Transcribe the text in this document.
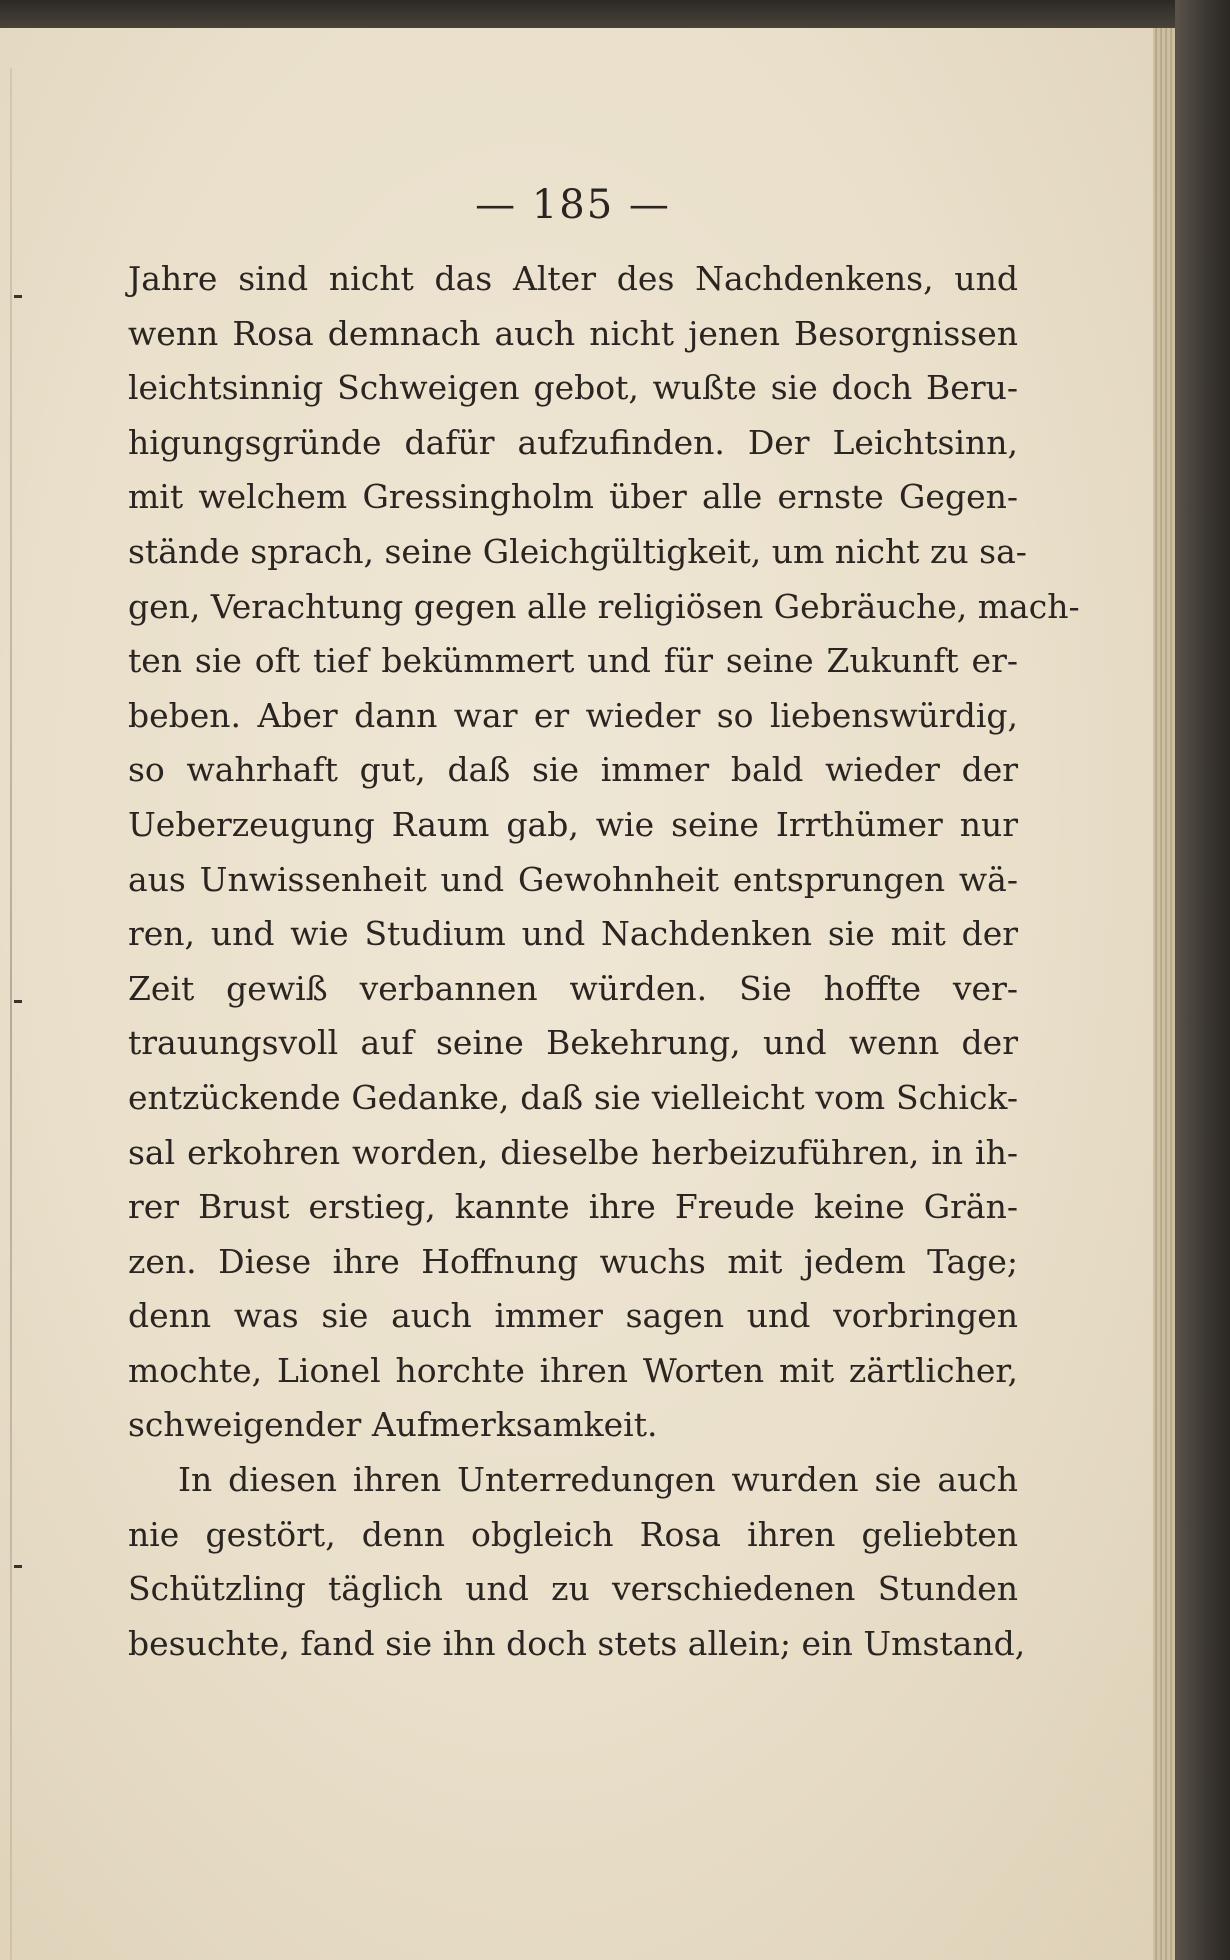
— 185 —

Jahre sind nicht das Alter des Nachdenkens, und
wenn Rosa demnach auch nicht jenen Besorgnissen
leichtsinnig Schweigen gebot, wußte sie doch Beru-
higungsgründe dafür aufzufinden. Der Leichtsinn,
mit welchem Gressingholm über alle ernste Gegen-
stände sprach, seine Gleichgültigkeit, um nicht zu sa-
gen, Verachtung gegen alle religiösen Gebräuche, mach-
ten sie oft tief bekümmert und für seine Zukunft er-
beben. Aber dann war er wieder so liebenswürdig,
so wahrhaft gut, daß sie immer bald wieder der
Ueberzeugung Raum gab, wie seine Irrthümer nur
aus Unwissenheit und Gewohnheit entsprungen wä-
ren, und wie Studium und Nachdenken sie mit der
Zeit gewiß verbannen würden. Sie hoffte ver-
trauungsvoll auf seine Bekehrung, und wenn der
entzückende Gedanke, daß sie vielleicht vom Schick-
sal erkohren worden, dieselbe herbeizuführen, in ih-
rer Brust erstieg, kannte ihre Freude keine Grän-
zen. Diese ihre Hoffnung wuchs mit jedem Tage;
denn was sie auch immer sagen und vorbringen
mochte, Lionel horchte ihren Worten mit zärtlicher,
schweigender Aufmerksamkeit.

In diesen ihren Unterredungen wurden sie auch
nie gestört, denn obgleich Rosa ihren geliebten
Schützling täglich und zu verschiedenen Stunden
besuchte, fand sie ihn doch stets allein; ein Umstand,
